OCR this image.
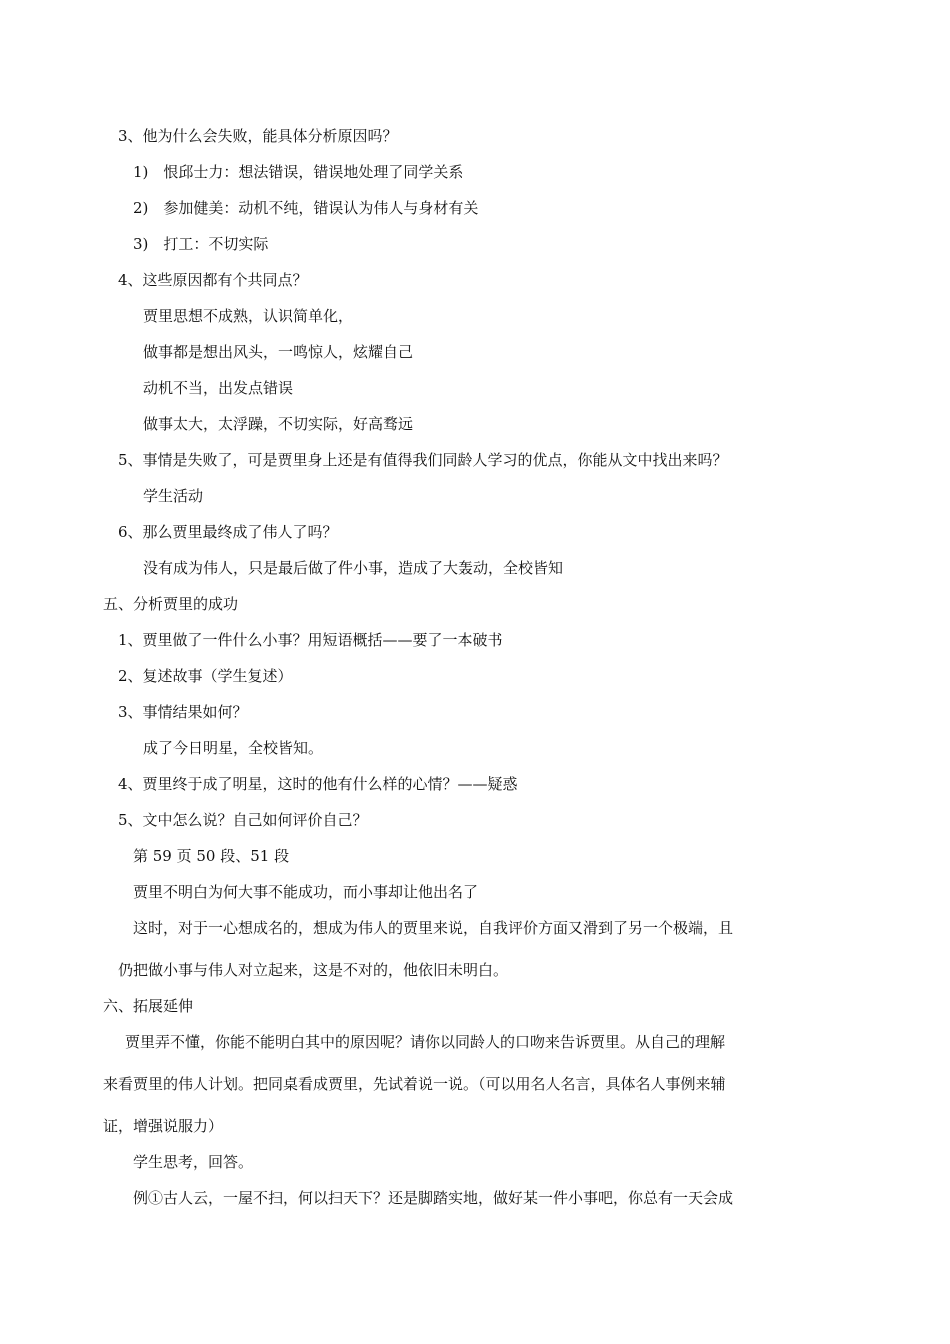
3、他为什么会失败，能具体分析原因吗？
1)　恨邱士力：想法错误，错误地处理了同学关系
2)　参加健美：动机不纯，错误认为伟人与身材有关
3)　打工：不切实际
4、这些原因都有个共同点？
贾里思想不成熟，认识简单化，
做事都是想出风头，一鸣惊人，炫耀自己
动机不当，出发点错误
做事太大，太浮躁，不切实际，好高骛远
5、事情是失败了，可是贾里身上还是有值得我们同龄人学习的优点，你能从文中找出来吗？
学生活动
6、那么贾里最终成了伟人了吗？
没有成为伟人，只是最后做了件小事，造成了大轰动，全校皆知
五、分析贾里的成功
1、贾里做了一件什么小事？用短语概括——要了一本破书
2、复述故事（学生复述）
3、事情结果如何？
成了今日明星，全校皆知。
4、贾里终于成了明星，这时的他有什么样的心情？——疑惑
5、文中怎么说？自己如何评价自己？
第 59 页 50 段、51 段
贾里不明白为何大事不能成功，而小事却让他出名了
这时，对于一心想成名的，想成为伟人的贾里来说，自我评价方面又滑到了另一个极端，且
仍把做小事与伟人对立起来，这是不对的，他依旧未明白。
六、拓展延伸
贾里弄不懂，你能不能明白其中的原因呢？请你以同龄人的口吻来告诉贾里。从自己的理解
来看贾里的伟人计划。把同桌看成贾里，先试着说一说。（可以用名人名言，具体名人事例来辅
证，增强说服力）
学生思考，回答。
例①古人云，一屋不扫，何以扫天下？还是脚踏实地，做好某一件小事吧，你总有一天会成
